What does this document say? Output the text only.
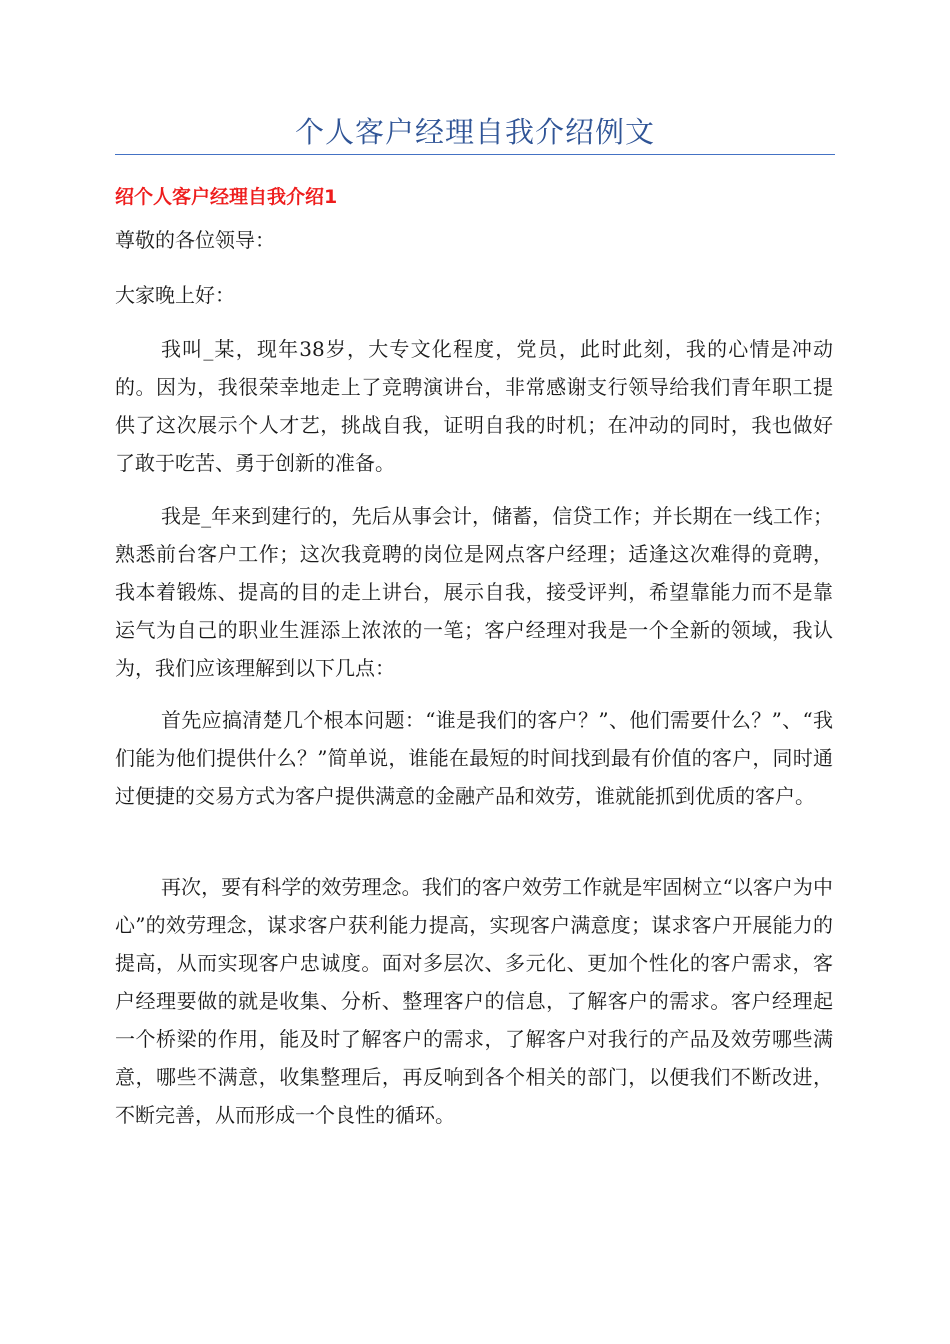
个人客户经理自我介绍例文
绍个人客户经理自我介绍1

尊敬的各位领导：

大家晚上好：

我叫_某，现年38岁，大专文化程度，党员，此时此刻，我的心情是冲动的。因为，我很荣幸地走上了竞聘演讲台，非常感谢支行领导给我们青年职工提供了这次展示个人才艺，挑战自我，证明自我的时机；在冲动的同时，我也做好了敢于吃苦、勇于创新的准备。

我是_年来到建行的，先后从事会计，储蓄，信贷工作；并长期在一线工作；熟悉前台客户工作；这次我竟聘的岗位是网点客户经理；适逢这次难得的竟聘，我本着锻炼、提高的目的走上讲台，展示自我，接受评判，希望靠能力而不是靠运气为自己的职业生涯添上浓浓的一笔；客户经理对我是一个全新的领域，我认为，我们应该理解到以下几点：

首先应搞清楚几个根本问题：“谁是我们的客户？”、他们需要什么？”、“我们能为他们提供什么？”简单说，谁能在最短的时间找到最有价值的客户，同时通过便捷的交易方式为客户提供满意的金融产品和效劳，谁就能抓到优质的客户。

再次，要有科学的效劳理念。我们的客户效劳工作就是牢固树立“以客户为中心”的效劳理念，谋求客户获利能力提高，实现客户满意度；谋求客户开展能力的提高，从而实现客户忠诚度。面对多层次、多元化、更加个性化的客户需求，客户经理要做的就是收集、分析、整理客户的信息，了解客户的需求。客户经理起一个桥梁的作用，能及时了解客户的需求，了解客户对我行的产品及效劳哪些满意，哪些不满意，收集整理后，再反响到各个相关的部门，以便我们不断改进，不断完善，从而形成一个良性的循环。
